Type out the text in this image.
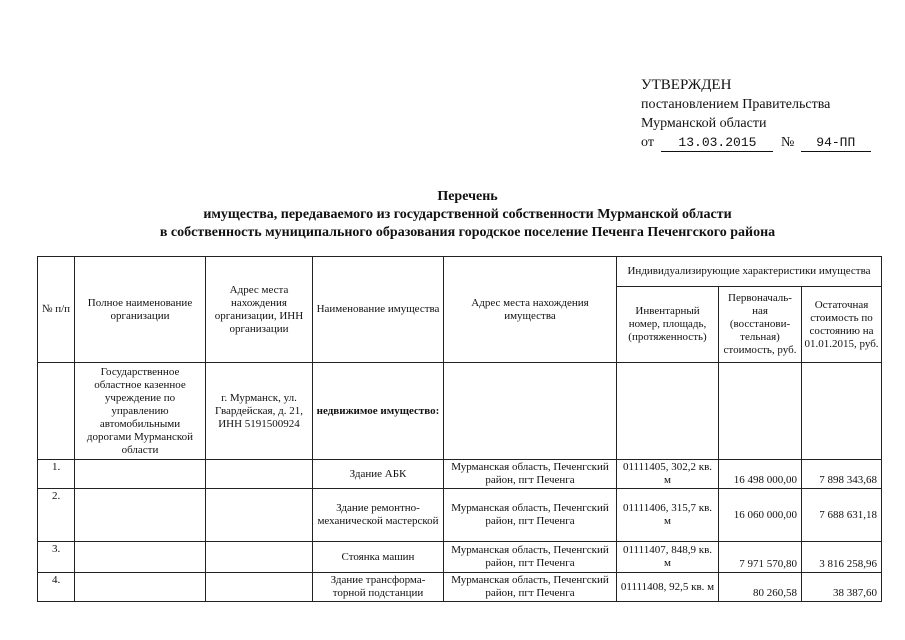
УТВЕРЖДЕН
постановлением Правительства
Мурманской области
от 13.03.2015 № 94-ПП
Перечень
имущества, передаваемого из государственной собственности Мурманской области
в собственность муниципального образования городское поселение Печенга Печенгского района
№ п/п	Полное наименование организации	Адрес места нахождения организации, ИНН организации	Наименование имущества	Адрес места нахождения имущества	Индивидуализирующие характеристики имущества		
					Инвентарный номер, площадь, (протяженность)	Первоначаль-ная (восстанови-тельная) стоимость, руб.	Остаточная стоимость по состоянию на 01.01.2015, руб.
	Государственное областное казенное учреждение по управлению автомобильными дорогами Мурманской области	г. Мурманск, ул. Гвардейская, д. 21, ИНН 5191500924	недвижимое имущество:				
1.			Здание АБК	Мурманская область, Печенгский район, пгт Печенга	01111405, 302,2 кв. м	16 498 000,00	7 898 343,68
2.			Здание ремонтно-механической мастерской	Мурманская область, Печенгский район, пгт Печенга	01111406, 315,7 кв. м	16 060 000,00	7 688 631,18
3.			Стоянка машин	Мурманская область, Печенгский район, пгт Печенга	01111407, 848,9 кв. м	7 971 570,80	3 816 258,96
4.			Здание трансформа-торной подстанции	Мурманская область, Печенгский район, пгт Печенга	01111408, 92,5 кв. м	80 260,58	38 387,60
